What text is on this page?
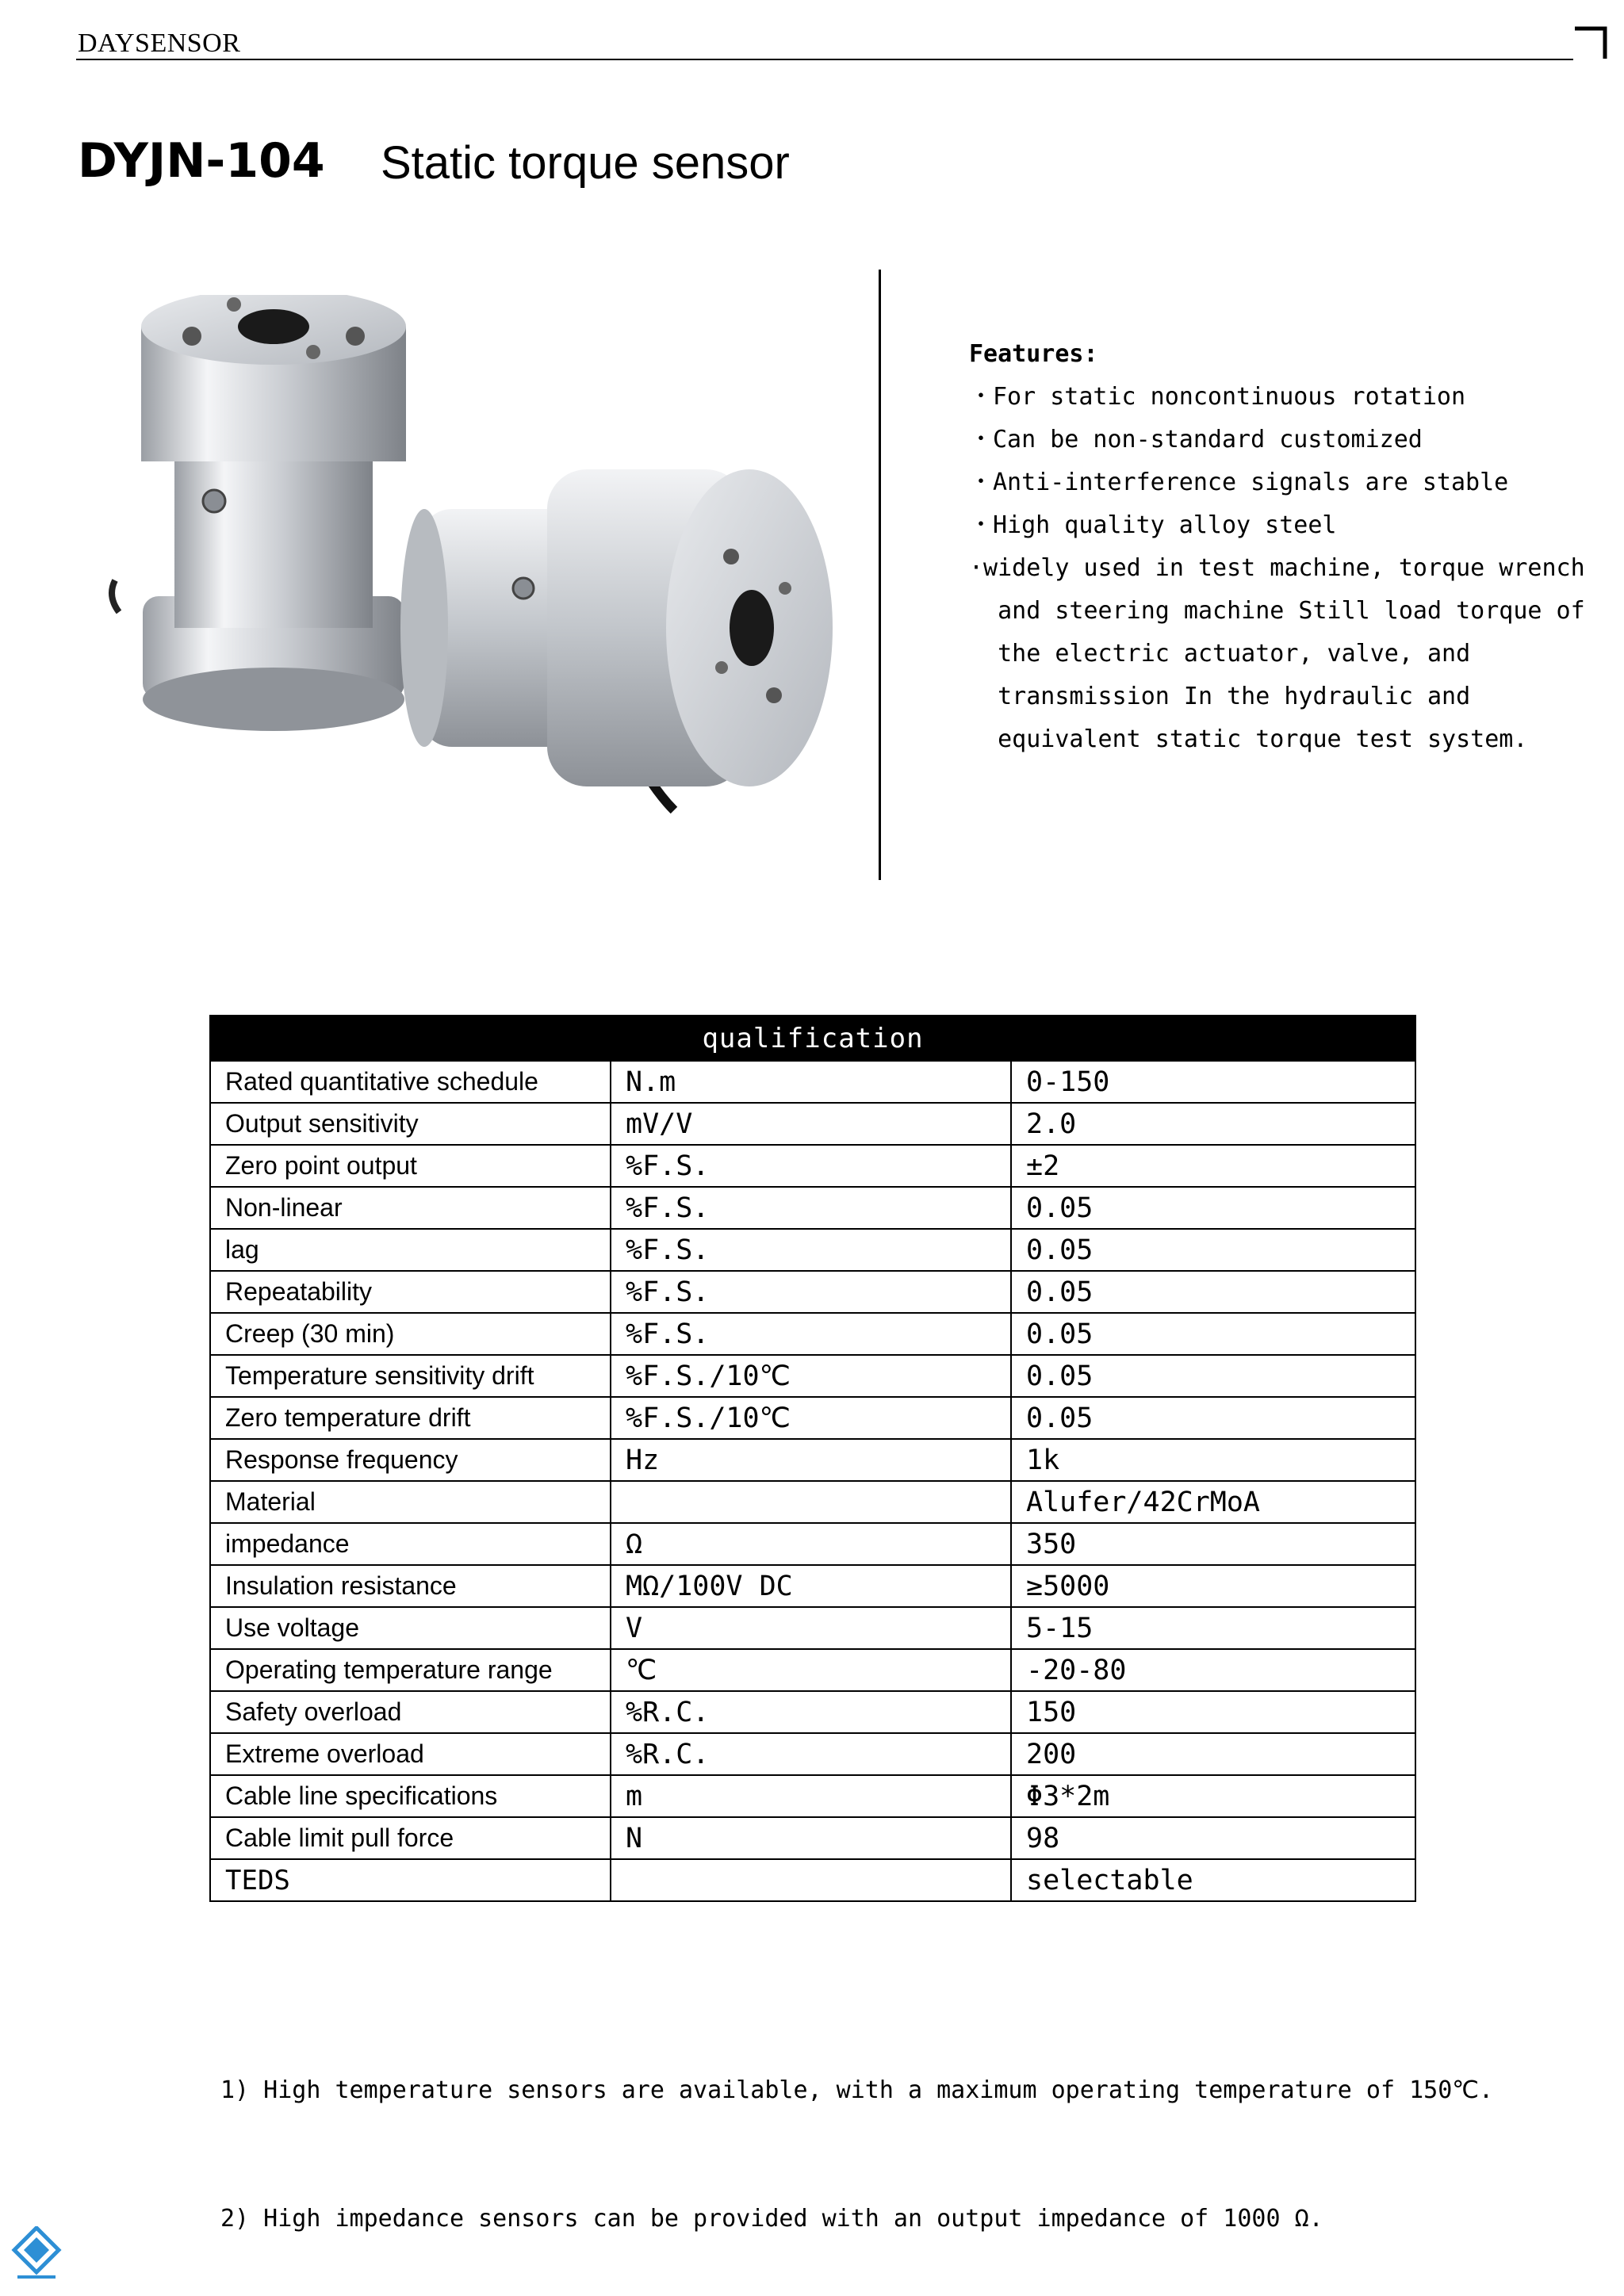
DAYSENSOR
DYJN-104 Static torque sensor
Features:
・For static noncontinuous rotation
・Can be non-standard customized
・Anti-interference signals are stable
・High quality alloy steel
·widely used in test machine, torque wrench
and steering machine Still load torque of
the electric actuator, valve, and
transmission In the hydraulic and
equivalent static torque test system.
qualification		
Rated quantitative schedule	N.m	0-150
Output sensitivity	mV/V	2.0
Zero point output	%F.S.	±2
Non-linear	%F.S.	0.05
lag	%F.S.	0.05
Repeatability	%F.S.	0.05
Creep (30 min)	%F.S.	0.05
Temperature sensitivity drift	%F.S./10℃	0.05
Zero temperature drift	%F.S./10℃	0.05
Response frequency	Hz	1k
Material		Alufer/42CrMoA
impedance	Ω	350
Insulation resistance	MΩ/100V DC	≥5000
Use voltage	V	5-15
Operating temperature range	℃	-20-80
Safety overload	%R.C.	150
Extreme overload	%R.C.	200
Cable line specifications	m	Φ3*2m
Cable limit pull force	N	98
TEDS		selectable

1) High temperature sensors are available, with a maximum operating temperature of 150℃.

2) High impedance sensors can be provided with an output impedance of 1000 Ω.
